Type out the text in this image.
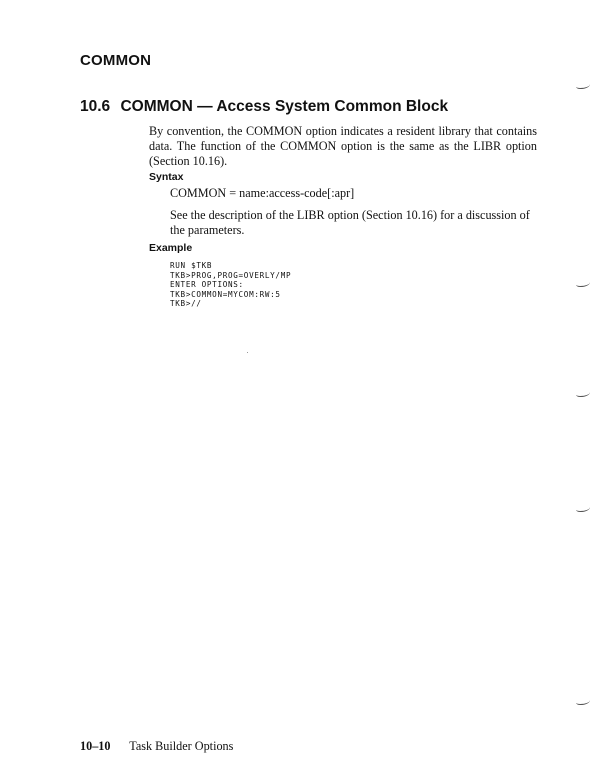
COMMON
10.6 COMMON — Access System Common Block

By convention, the COMMON option indicates a resident library that contains data. The function of the COMMON option is the same as the LIBR option (Section 10.16).

Syntax
COMMON = name:access-code[:apr]

See the description of the LIBR option (Section 10.16) for a discussion of the parameters.

Example
RUN $TKB
TKB>PROG,PROG=OVERLY/MP
ENTER OPTIONS:
TKB>COMMON=MYCOM:RW:5
TKB>//
10–10 Task Builder Options
